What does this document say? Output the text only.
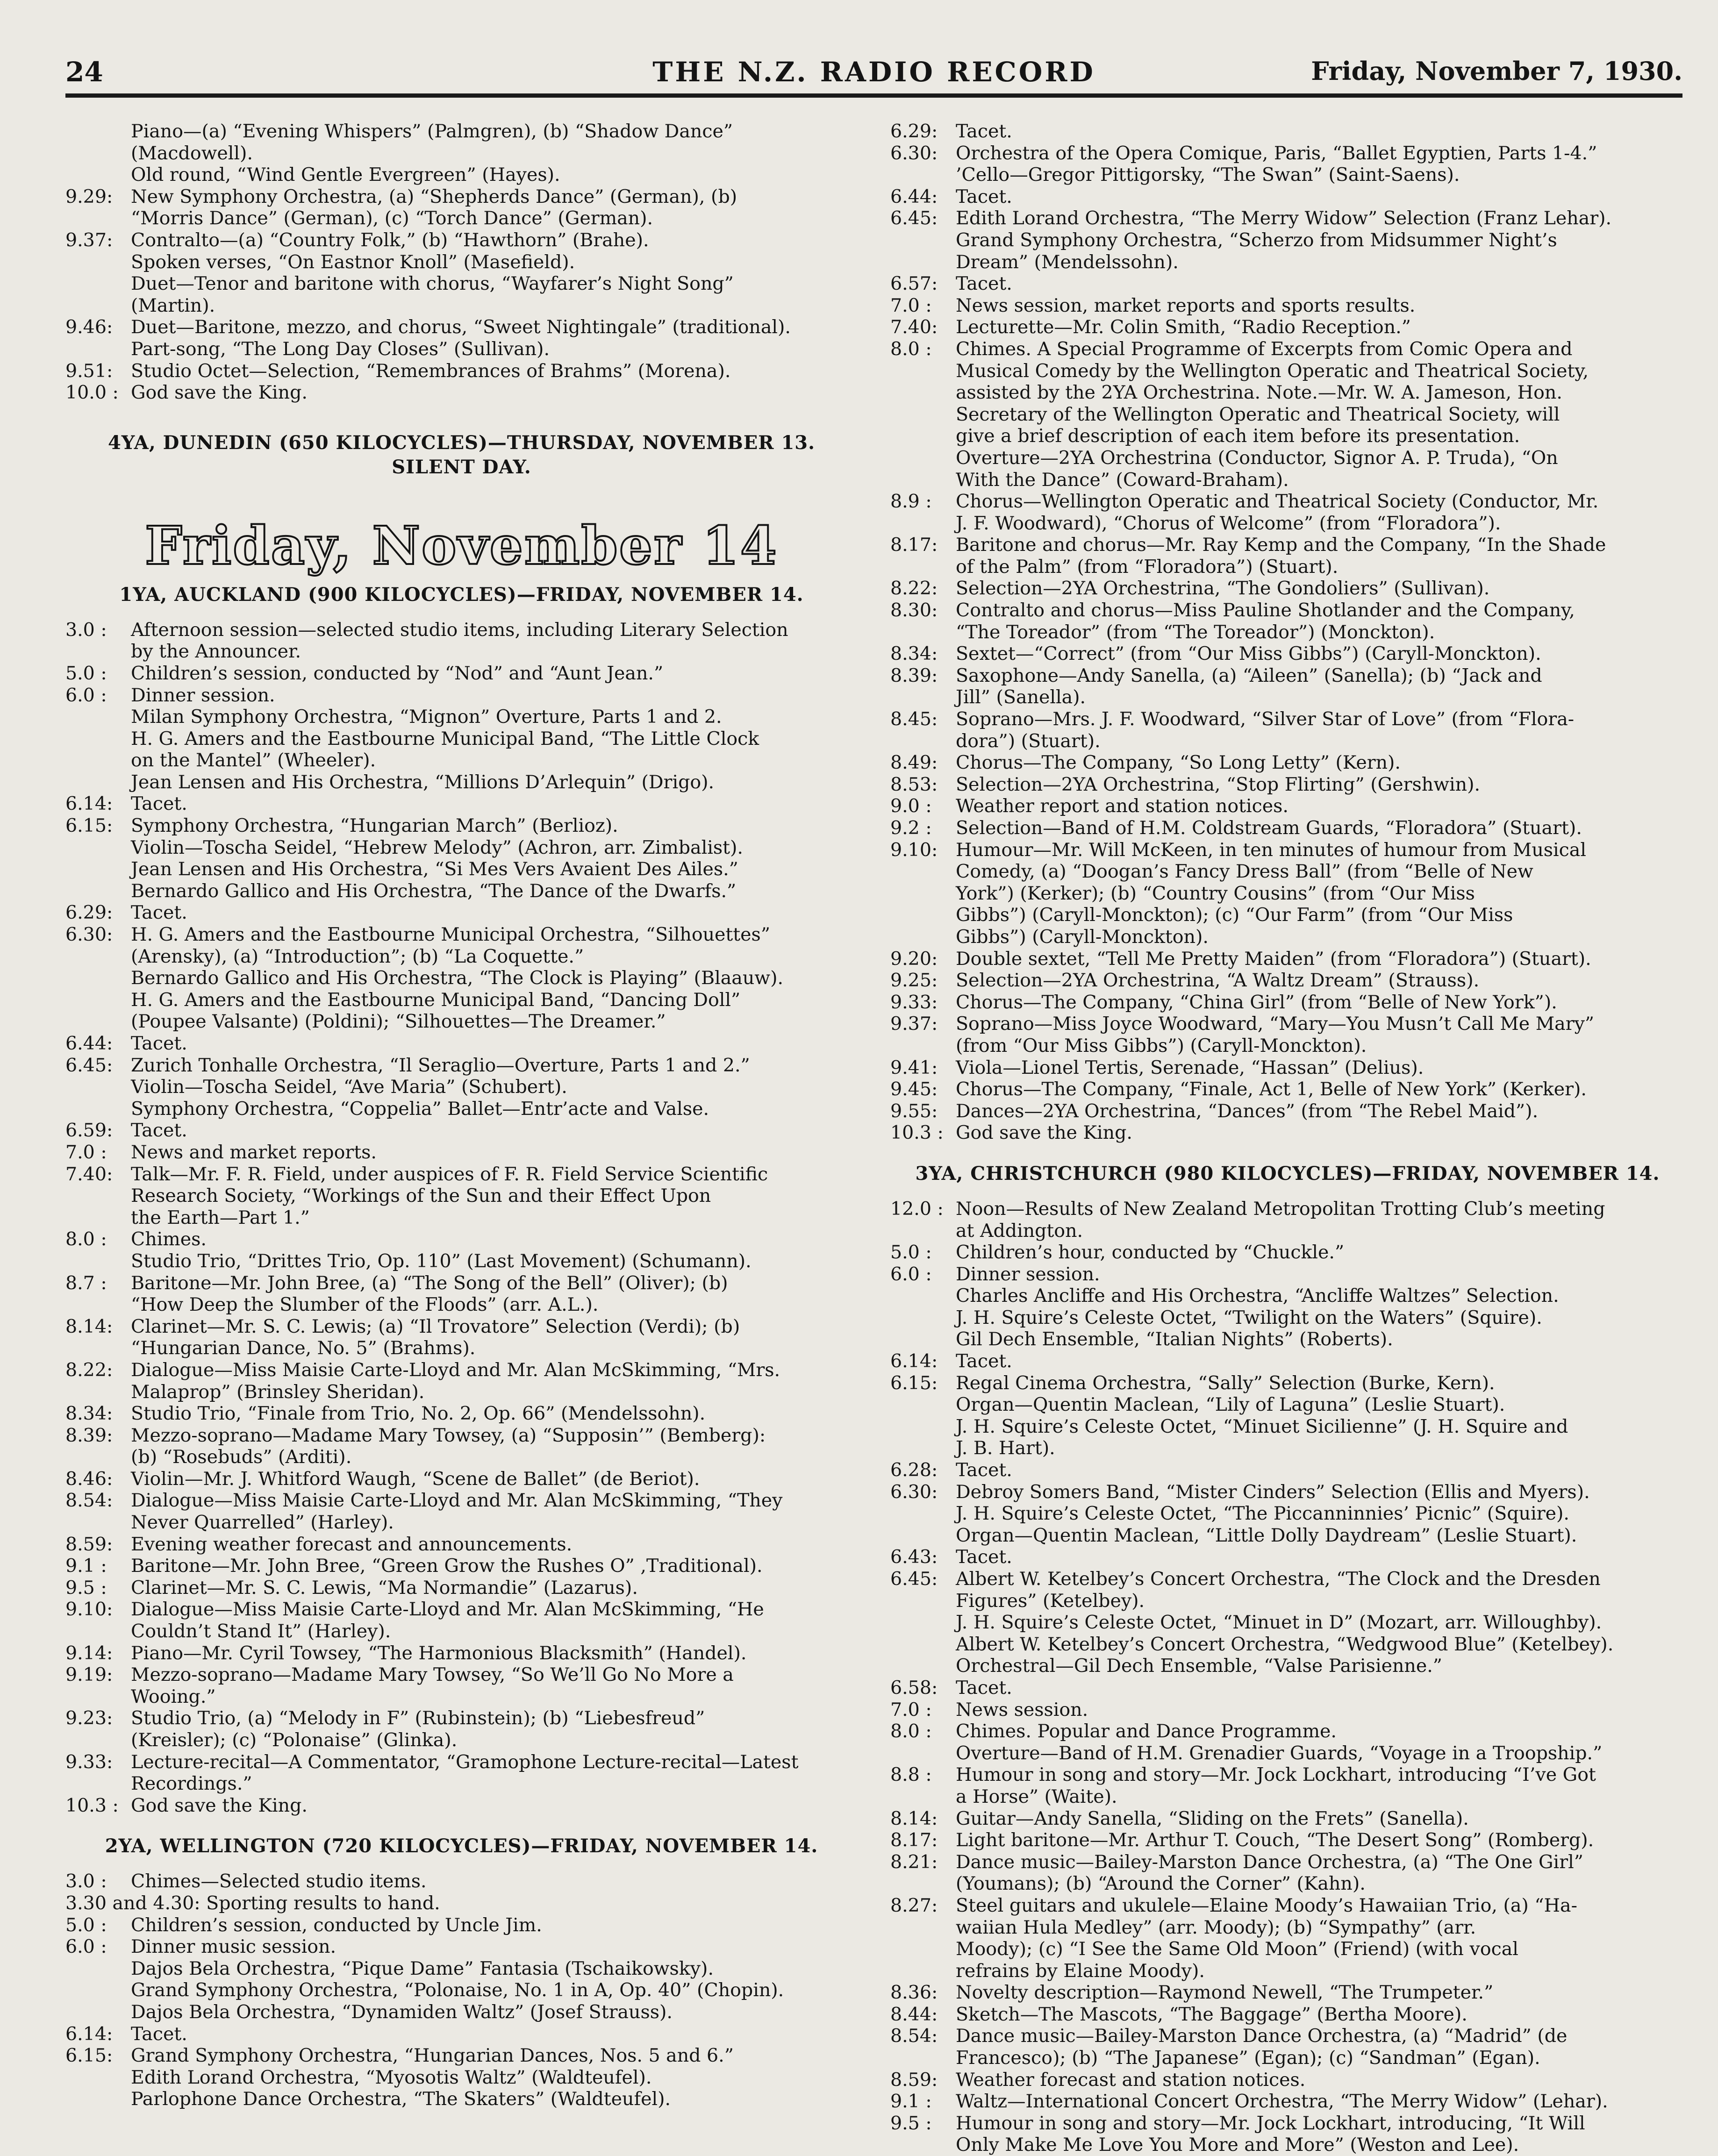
24	THE N.Z. RADIO RECORD	Friday, November 7, 1930.
Piano—(a) “Evening Whispers” (Palmgren), (b) “Shadow Dance”
(Macdowell).
Old round, “Wind Gentle Evergreen” (Hayes).
9.29: New Symphony Orchestra, (a) “Shepherds Dance” (German), (b)
“Morris Dance” (German), (c) “Torch Dance” (German).
9.37: Contralto—(a) “Country Folk,” (b) “Hawthorn” (Brahe).
Spoken verses, “On Eastnor Knoll” (Masefield).
Duet—Tenor and baritone with chorus, “Wayfarer’s Night Song”
(Martin).
9.46: Duet—Baritone, mezzo, and chorus, “Sweet Nightingale” (traditional).
Part-song, “The Long Day Closes” (Sullivan).
9.51: Studio Octet—Selection, “Remembrances of Brahms” (Morena).
10.0 : God save the King.
4YA, DUNEDIN (650 KILOCYCLES)—THURSDAY, NOVEMBER 13.
SILENT DAY.
Friday, November 14
1YA, AUCKLAND (900 KILOCYCLES)—FRIDAY, NOVEMBER 14.
3.0 : Afternoon session—selected studio items, including Literary Selection
by the Announcer.
5.0 : Children’s session, conducted by “Nod” and “Aunt Jean.”
6.0 : Dinner session.
Milan Symphony Orchestra, “Mignon” Overture, Parts 1 and 2.
H. G. Amers and the Eastbourne Municipal Band, “The Little Clock
on the Mantel” (Wheeler).
Jean Lensen and His Orchestra, “Millions D’Arlequin” (Drigo).
6.14: Tacet.
6.15: Symphony Orchestra, “Hungarian March” (Berlioz).
Violin—Toscha Seidel, “Hebrew Melody” (Achron, arr. Zimbalist).
Jean Lensen and His Orchestra, “Si Mes Vers Avaient Des Ailes.”
Bernardo Gallico and His Orchestra, “The Dance of the Dwarfs.”
6.29: Tacet.
6.30: H. G. Amers and the Eastbourne Municipal Orchestra, “Silhouettes”
(Arensky), (a) “Introduction”; (b) “La Coquette.”
Bernardo Gallico and His Orchestra, “The Clock is Playing” (Blaauw).
H. G. Amers and the Eastbourne Municipal Band, “Dancing Doll”
(Poupee Valsante) (Poldini); “Silhouettes—The Dreamer.”
6.44: Tacet.
6.45: Zurich Tonhalle Orchestra, “Il Seraglio—Overture, Parts 1 and 2.”
Violin—Toscha Seidel, “Ave Maria” (Schubert).
Symphony Orchestra, “Coppelia” Ballet—Entr’acte and Valse.
6.59: Tacet.
7.0 : News and market reports.
7.40: Talk—Mr. F. R. Field, under auspices of F. R. Field Service Scientific
Research Society, “Workings of the Sun and their Effect Upon
the Earth—Part 1.”
8.0 : Chimes.
Studio Trio, “Drittes Trio, Op. 110” (Last Movement) (Schumann).
8.7 : Baritone—Mr. John Bree, (a) “The Song of the Bell” (Oliver); (b)
“How Deep the Slumber of the Floods” (arr. A.L.).
8.14: Clarinet—Mr. S. C. Lewis; (a) “Il Trovatore” Selection (Verdi); (b)
“Hungarian Dance, No. 5” (Brahms).
8.22: Dialogue—Miss Maisie Carte-Lloyd and Mr. Alan McSkimming, “Mrs.
Malaprop” (Brinsley Sheridan).
8.34: Studio Trio, “Finale from Trio, No. 2, Op. 66” (Mendelssohn).
8.39: Mezzo-soprano—Madame Mary Towsey, (a) “Supposin’” (Bemberg):
(b) “Rosebuds” (Arditi).
8.46: Violin—Mr. J. Whitford Waugh, “Scene de Ballet” (de Beriot).
8.54: Dialogue—Miss Maisie Carte-Lloyd and Mr. Alan McSkimming, “They
Never Quarrelled” (Harley).
8.59: Evening weather forecast and announcements.
9.1 : Baritone—Mr. John Bree, “Green Grow the Rushes O” ,Traditional).
9.5 : Clarinet—Mr. S. C. Lewis, “Ma Normandie” (Lazarus).
9.10: Dialogue—Miss Maisie Carte-Lloyd and Mr. Alan McSkimming, “He
Couldn’t Stand It” (Harley).
9.14: Piano—Mr. Cyril Towsey, “The Harmonious Blacksmith” (Handel).
9.19: Mezzo-soprano—Madame Mary Towsey, “So We’ll Go No More a
Wooing.”
9.23: Studio Trio, (a) “Melody in F” (Rubinstein); (b) “Liebesfreud”
(Kreisler); (c) “Polonaise” (Glinka).
9.33: Lecture-recital—A Commentator, “Gramophone Lecture-recital—Latest
Recordings.”
10.3 : God save the King.
2YA, WELLINGTON (720 KILOCYCLES)—FRIDAY, NOVEMBER 14.
3.0 : Chimes—Selected studio items.
3.30 and 4.30: Sporting results to hand.
5.0 : Children’s session, conducted by Uncle Jim.
6.0 : Dinner music session.
Dajos Bela Orchestra, “Pique Dame” Fantasia (Tschaikowsky).
Grand Symphony Orchestra, “Polonaise, No. 1 in A, Op. 40” (Chopin).
Dajos Bela Orchestra, “Dynamiden Waltz” (Josef Strauss).
6.14: Tacet.
6.15: Grand Symphony Orchestra, “Hungarian Dances, Nos. 5 and 6.”
Edith Lorand Orchestra, “Myosotis Waltz” (Waldteufel).
Parlophone Dance Orchestra, “The Skaters” (Waldteufel).
6.29: Tacet.
6.30: Orchestra of the Opera Comique, Paris, “Ballet Egyptien, Parts 1-4.”
’Cello—Gregor Pittigorsky, “The Swan” (Saint-Saens).
6.44: Tacet.
6.45: Edith Lorand Orchestra, “The Merry Widow” Selection (Franz Lehar).
Grand Symphony Orchestra, “Scherzo from Midsummer Night’s
Dream” (Mendelssohn).
6.57: Tacet.
7.0 : News session, market reports and sports results.
7.40: Lecturette—Mr. Colin Smith, “Radio Reception.”
8.0 : Chimes. A Special Programme of Excerpts from Comic Opera and
Musical Comedy by the Wellington Operatic and Theatrical Society,
assisted by the 2YA Orchestrina. Note.—Mr. W. A. Jameson, Hon.
Secretary of the Wellington Operatic and Theatrical Society, will
give a brief description of each item before its presentation.
Overture—2YA Orchestrina (Conductor, Signor A. P. Truda), “On
With the Dance” (Coward-Braham).
8.9 : Chorus—Wellington Operatic and Theatrical Society (Conductor, Mr.
J. F. Woodward), “Chorus of Welcome” (from “Floradora”).
8.17: Baritone and chorus—Mr. Ray Kemp and the Company, “In the Shade
of the Palm” (from “Floradora”) (Stuart).
8.22: Selection—2YA Orchestrina, “The Gondoliers” (Sullivan).
8.30: Contralto and chorus—Miss Pauline Shotlander and the Company,
“The Toreador” (from “The Toreador”) (Monckton).
8.34: Sextet—“Correct” (from “Our Miss Gibbs”) (Caryll-Monckton).
8.39: Saxophone—Andy Sanella, (a) “Aileen” (Sanella); (b) “Jack and
Jill” (Sanella).
8.45: Soprano—Mrs. J. F. Woodward, “Silver Star of Love” (from “Flora-
dora”) (Stuart).
8.49: Chorus—The Company, “So Long Letty” (Kern).
8.53: Selection—2YA Orchestrina, “Stop Flirting” (Gershwin).
9.0 : Weather report and station notices.
9.2 : Selection—Band of H.M. Coldstream Guards, “Floradora” (Stuart).
9.10: Humour—Mr. Will McKeen, in ten minutes of humour from Musical
Comedy, (a) “Doogan’s Fancy Dress Ball” (from “Belle of New
York”) (Kerker); (b) “Country Cousins” (from “Our Miss
Gibbs”) (Caryll-Monckton); (c) “Our Farm” (from “Our Miss
Gibbs”) (Caryll-Monckton).
9.20: Double sextet, “Tell Me Pretty Maiden” (from “Floradora”) (Stuart).
9.25: Selection—2YA Orchestrina, “A Waltz Dream” (Strauss).
9.33: Chorus—The Company, “China Girl” (from “Belle of New York”).
9.37: Soprano—Miss Joyce Woodward, “Mary—You Musn’t Call Me Mary”
(from “Our Miss Gibbs”) (Caryll-Monckton).
9.41: Viola—Lionel Tertis, Serenade, “Hassan” (Delius).
9.45: Chorus—The Company, “Finale, Act 1, Belle of New York” (Kerker).
9.55: Dances—2YA Orchestrina, “Dances” (from “The Rebel Maid”).
10.3 : God save the King.
3YA, CHRISTCHURCH (980 KILOCYCLES)—FRIDAY, NOVEMBER 14.
12.0 : Noon—Results of New Zealand Metropolitan Trotting Club’s meeting
at Addington.
5.0 : Children’s hour, conducted by “Chuckle.”
6.0 : Dinner session.
Charles Ancliffe and His Orchestra, “Ancliffe Waltzes” Selection.
J. H. Squire’s Celeste Octet, “Twilight on the Waters” (Squire).
Gil Dech Ensemble, “Italian Nights” (Roberts).
6.14: Tacet.
6.15: Regal Cinema Orchestra, “Sally” Selection (Burke, Kern).
Organ—Quentin Maclean, “Lily of Laguna” (Leslie Stuart).
J. H. Squire’s Celeste Octet, “Minuet Sicilienne” (J. H. Squire and
J. B. Hart).
6.28: Tacet.
6.30: Debroy Somers Band, “Mister Cinders” Selection (Ellis and Myers).
J. H. Squire’s Celeste Octet, “The Piccanninnies’ Picnic” (Squire).
Organ—Quentin Maclean, “Little Dolly Daydream” (Leslie Stuart).
6.43: Tacet.
6.45: Albert W. Ketelbey’s Concert Orchestra, “The Clock and the Dresden
Figures” (Ketelbey).
J. H. Squire’s Celeste Octet, “Minuet in D” (Mozart, arr. Willoughby).
Albert W. Ketelbey’s Concert Orchestra, “Wedgwood Blue” (Ketelbey).
Orchestral—Gil Dech Ensemble, “Valse Parisienne.”
6.58: Tacet.
7.0 : News session.
8.0 : Chimes. Popular and Dance Programme.
Overture—Band of H.M. Grenadier Guards, “Voyage in a Troopship.”
8.8 : Humour in song and story—Mr. Jock Lockhart, introducing “I’ve Got
a Horse” (Waite).
8.14: Guitar—Andy Sanella, “Sliding on the Frets” (Sanella).
8.17: Light baritone—Mr. Arthur T. Couch, “The Desert Song” (Romberg).
8.21: Dance music—Bailey-Marston Dance Orchestra, (a) “The One Girl”
(Youmans); (b) “Around the Corner” (Kahn).
8.27: Steel guitars and ukulele—Elaine Moody’s Hawaiian Trio, (a) “Ha-
waiian Hula Medley” (arr. Moody); (b) “Sympathy” (arr.
Moody); (c) “I See the Same Old Moon” (Friend) (with vocal
refrains by Elaine Moody).
8.36: Novelty description—Raymond Newell, “The Trumpeter.”
8.44: Sketch—The Mascots, “The Baggage” (Bertha Moore).
8.54: Dance music—Bailey-Marston Dance Orchestra, (a) “Madrid” (de
Francesco); (b) “The Japanese” (Egan); (c) “Sandman” (Egan).
8.59: Weather forecast and station notices.
9.1 : Waltz—International Concert Orchestra, “The Merry Widow” (Lehar).
9.5 : Humour in song and story—Mr. Jock Lockhart, introducing, “It Will
Only Make Me Love You More and More” (Weston and Lee).
